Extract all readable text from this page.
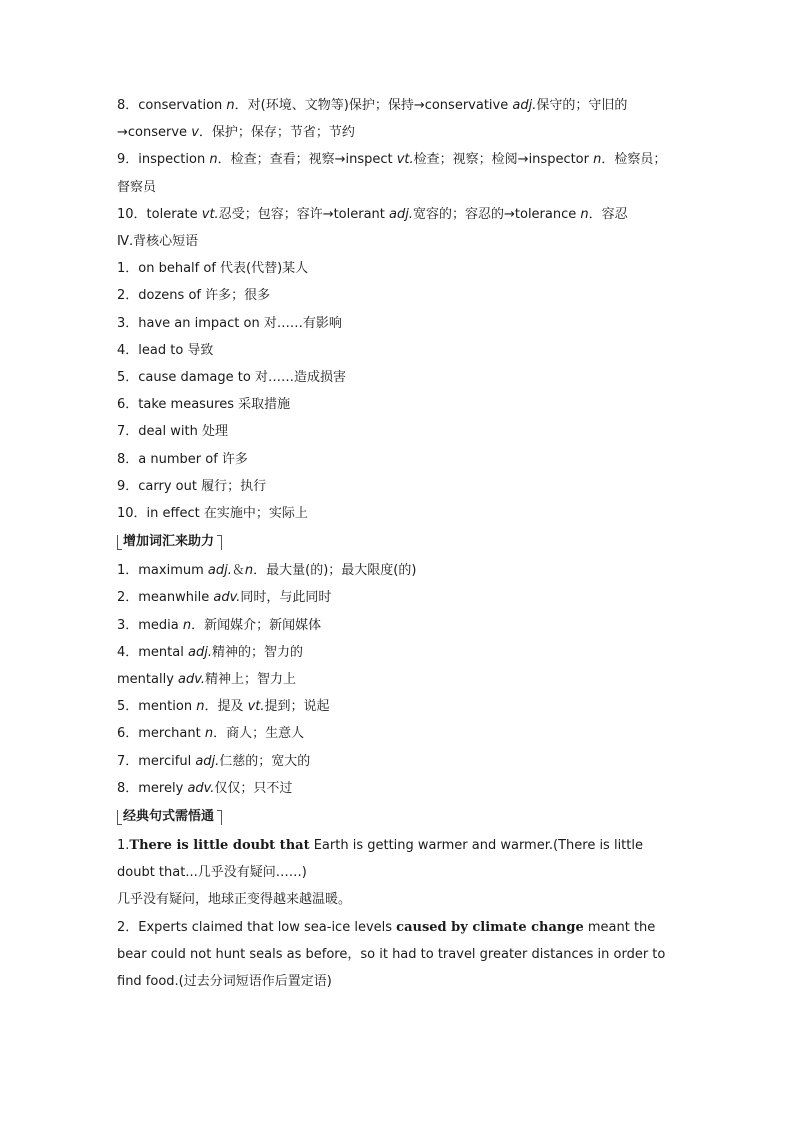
8．conservation n．对(环境、文物等)保护；保持→conservative adj.保守的；守旧的→conserve v．保护；保存；节省；节约
9．inspection n．检查；查看；视察→inspect vt.检查；视察；检阅→inspector n．检察员；督察员
10．tolerate vt.忍受；包容；容许→tolerant adj.宽容的；容忍的→tolerance n．容忍
Ⅳ.背核心短语
1．on behalf of 代表(代替)某人
2．dozens of 许多；很多
3．have an impact on 对……有影响
4．lead to 导致
5．cause damage to 对……造成损害
6．take measures 采取措施
7．deal with 处理
8．a number of 许多
9．carry out 履行；执行
10．in effect 在实施中；实际上
增加词汇来助力
1．maximum adj.＆n．最大量(的)；最大限度(的)
2．meanwhile adv.同时，与此同时
3．media n．新闻媒介；新闻媒体
4．mental adj.精神的；智力的
mentally adv.精神上；智力上
5．mention n．提及 vt.提到；说起
6．merchant n．商人；生意人
7．merciful adj.仁慈的；宽大的
8．merely adv.仅仅；只不过
经典句式需悟通
1.There is little doubt that Earth is getting warmer and warmer.(There is little doubt that...几乎没有疑问……)
几乎没有疑问，地球正变得越来越温暖。
2．Experts claimed that low sea-ice levels caused by climate change meant the bear could not hunt seals as before，so it had to travel greater distances in order to find food.(过去分词短语作后置定语)
